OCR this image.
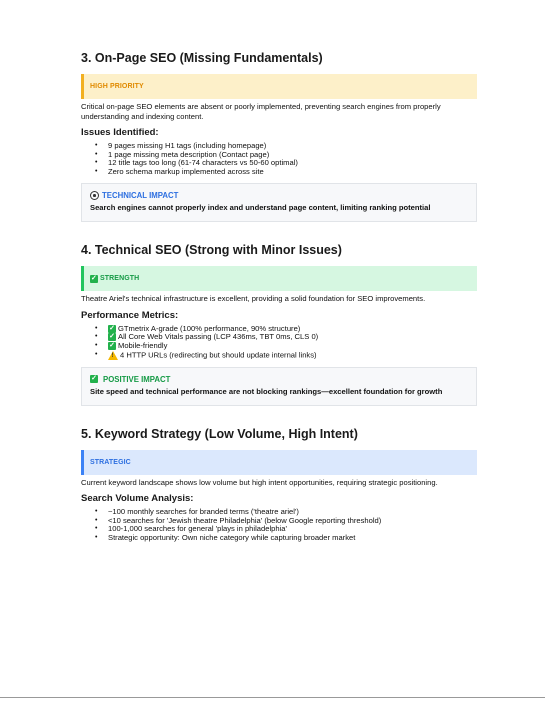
3. On-Page SEO (Missing Fundamentals)
HIGH PRIORITY

Critical on-page SEO elements are absent or poorly implemented, preventing search engines from properly understanding and indexing content.

Issues Identified:
• 9 pages missing H1 tags (including homepage)
• 1 page missing meta description (Contact page)
• 12 title tags too long (61-74 characters vs 50-60 optimal)
• Zero schema markup implemented across site
TECHNICAL IMPACT
Search engines cannot properly index and understand page content, limiting ranking potential
4. Technical SEO (Strong with Minor Issues)
✓ STRENGTH

Theatre Ariel's technical infrastructure is excellent, providing a solid foundation for SEO improvements.

Performance Metrics:
• ✓ GTmetrix A-grade (100% performance, 90% structure)
• ✓ All Core Web Vitals passing (LCP 436ms, TBT 0ms, CLS 0)
• ✓ Mobile-friendly
!• 4 HTTP URLs (redirecting but should update internal links)
✓ POSITIVE IMPACT
Site speed and technical performance are not blocking rankings—excellent foundation for growth
5. Keyword Strategy (Low Volume, High Intent)
STRATEGIC

Current keyword landscape shows low volume but high intent opportunities, requiring strategic positioning.

Search Volume Analysis:
• ~100 monthly searches for branded terms ('theatre ariel')
• <10 searches for 'Jewish theatre Philadelphia' (below Google reporting threshold)
• 100-1,000 searches for general 'plays in philadelphia'
• Strategic opportunity: Own niche category while capturing broader market
